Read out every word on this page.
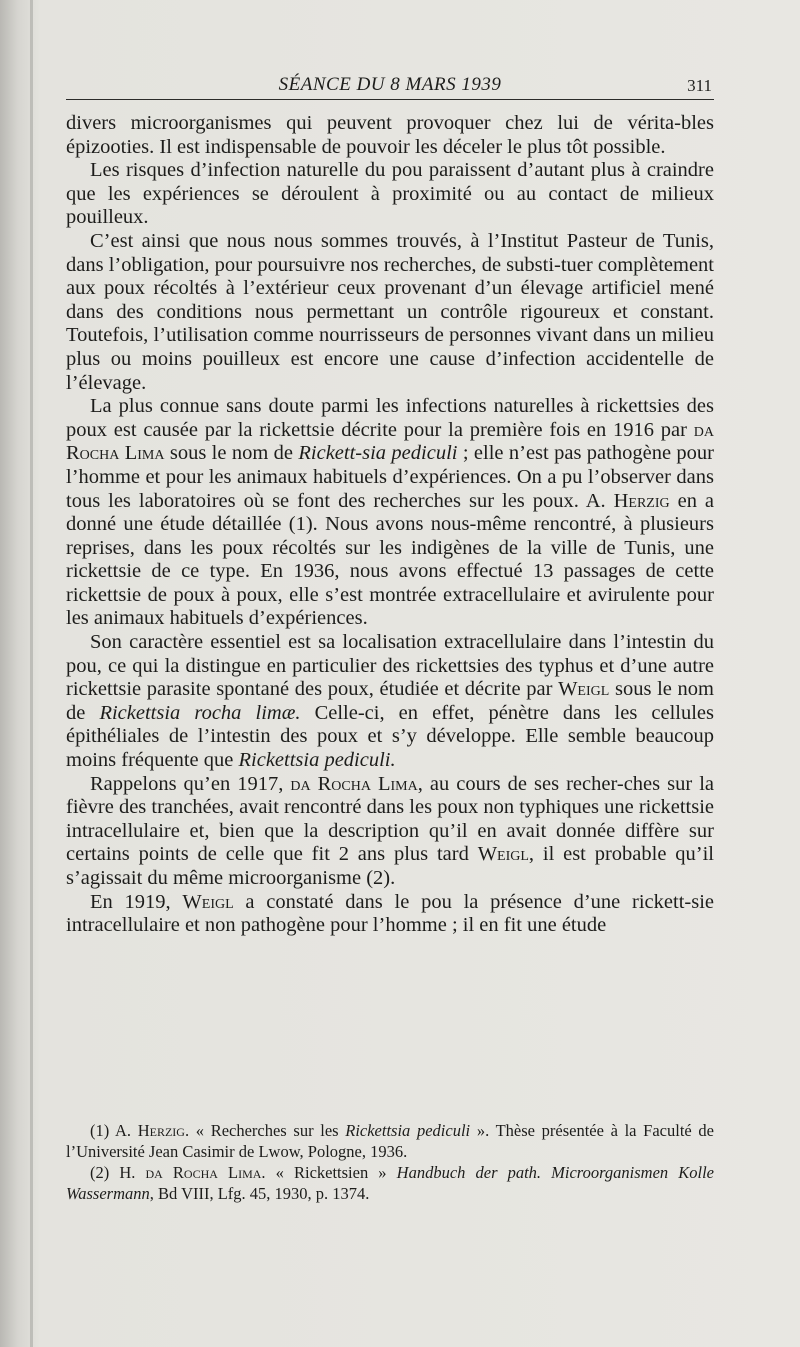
SÉANCE DU 8 MARS 1939	311

divers microorganismes qui peuvent provoquer chez lui de vérita-bles épizooties. Il est indispensable de pouvoir les déceler le plus tôt possible.

Les risques d’infection naturelle du pou paraissent d’autant plus à craindre que les expériences se déroulent à proximité ou au contact de milieux pouilleux.

C’est ainsi que nous nous sommes trouvés, à l’Institut Pasteur de Tunis, dans l’obligation, pour poursuivre nos recherches, de substi-tuer complètement aux poux récoltés à l’extérieur ceux provenant d’un élevage artificiel mené dans des conditions nous permettant un contrôle rigoureux et constant. Toutefois, l’utilisation comme nourrisseurs de personnes vivant dans un milieu plus ou moins pouilleux est encore une cause d’infection accidentelle de l’élevage.

La plus connue sans doute parmi les infections naturelles à rickettsies des poux est causée par la rickettsie décrite pour la première fois en 1916 par da Rocha Lima sous le nom de Rickett-sia pediculi ; elle n’est pas pathogène pour l’homme et pour les animaux habituels d’expériences. On a pu l’observer dans tous les laboratoires où se font des recherches sur les poux. A. Herzig en a donné une étude détaillée (1). Nous avons nous-même rencontré, à plusieurs reprises, dans les poux récoltés sur les indigènes de la ville de Tunis, une rickettsie de ce type. En 1936, nous avons effectué 13 passages de cette rickettsie de poux à poux, elle s’est montrée extracellulaire et avirulente pour les animaux habituels d’expériences.

Son caractère essentiel est sa localisation extracellulaire dans l’intestin du pou, ce qui la distingue en particulier des rickettsies des typhus et d’une autre rickettsie parasite spontané des poux, étudiée et décrite par Weigl sous le nom de Rickettsia rocha limæ. Celle-ci, en effet, pénètre dans les cellules épithéliales de l’intestin des poux et s’y développe. Elle semble beaucoup moins fréquente que Rickettsia pediculi.

Rappelons qu’en 1917, da Rocha Lima, au cours de ses recher-ches sur la fièvre des tranchées, avait rencontré dans les poux non typhiques une rickettsie intracellulaire et, bien que la description qu’il en avait donnée diffère sur certains points de celle que fit 2 ans plus tard Weigl, il est probable qu’il s’agissait du même microorganisme (2).

En 1919, Weigl a constaté dans le pou la présence d’une rickett-sie intracellulaire et non pathogène pour l’homme ; il en fit une étude

(1) A. Herzig. « Recherches sur les Rickettsia pediculi ». Thèse présentée à la Faculté de l’Université Jean Casimir de Lwow, Pologne, 1936.

(2) H. da Rocha Lima. « Rickettsien » Handbuch der path. Microorganismen Kolle Wassermann, Bd VIII, Lfg. 45, 1930, p. 1374.
